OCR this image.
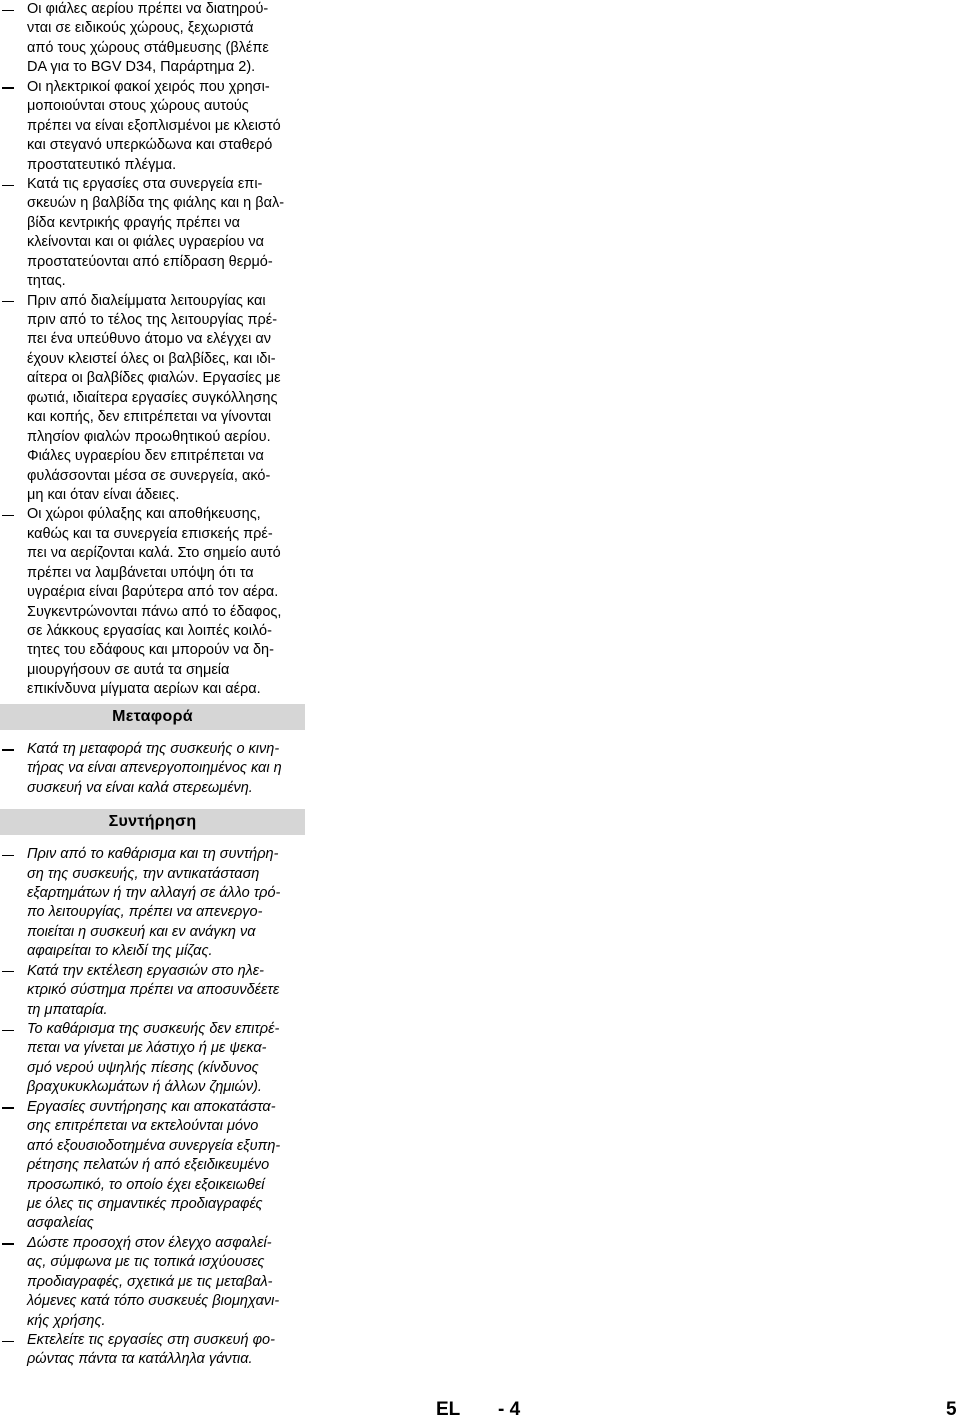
Οι φιάλες αερίου πρέπει να διατηρού-
νται σε ειδικούς χώρους, ξεχωριστά
από τους χώρους στάθμευσης (βλέπε
DA για το BGV D34, Παράρτημα 2).
Οι ηλεκτρικοί φακοί χειρός που χρησι-
μοποιούνται στους χώρους αυτούς
πρέπει να είναι εξοπλισμένοι με κλειστό
και στεγανό υπερκώδωνα και σταθερό
προστατευτικό πλέγμα.
Κατά τις εργασίες στα συνεργεία επι-
σκευών η βαλβίδα της φιάλης και η βαλ-
βίδα κεντρικής φραγής πρέπει να
κλείνονται και οι φιάλες υγραερίου να
προστατεύονται από επίδραση θερμό-
τητας.
Πριν από διαλείμματα λειτουργίας και
πριν από το τέλος της λειτουργίας πρέ-
πει ένα υπεύθυνο άτομο να ελέγχει αν
έχουν κλειστεί όλες οι βαλβίδες, και ιδι-
αίτερα οι βαλβίδες φιαλών. Εργασίες με
φωτιά, ιδιαίτερα εργασίες συγκόλλησης
και κοπής, δεν επιτρέπεται να γίνονται
πλησίον φιαλών προωθητικού αερίου.
Φιάλες υγραερίου δεν επιτρέπεται να
φυλάσσονται μέσα σε συνεργεία, ακό-
μη και όταν είναι άδειες.
Οι χώροι φύλαξης και αποθήκευσης,
καθώς και τα συνεργεία επισκεής πρέ-
πει να αερίζονται καλά. Στο σημείο αυτό
πρέπει να λαμβάνεται υπόψη ότι τα
υγραέρια είναι βαρύτερα από τον αέρα.
Συγκεντρώνονται πάνω από το έδαφος,
σε λάκκους εργασίας και λοιπές κοιλό-
τητες του εδάφους και μπορούν να δη-
μιουργήσουν σε αυτά τα σημεία
επικίνδυνα μίγματα αερίων και αέρα.
Μεταφορά
Κατά τη μεταφορά της συσκευής ο κινη-
τήρας να είναι απενεργοποιημένος και η
συσκευή να είναι καλά στερεωμένη.
Συντήρηση
Πριν από το καθάρισμα και τη συντήρη-
ση της συσκευής, την αντικατάσταση
εξαρτημάτων ή την αλλαγή σε άλλο τρό-
πο λειτουργίας, πρέπει να απενεργο-
ποιείται η συσκευή και εν ανάγκη να
αφαιρείται το κλειδί της μίζας.
Κατά την εκτέλεση εργασιών στο ηλε-
κτρικό σύστημα πρέπει να αποσυνδέετε
τη μπαταρία.
Το καθάρισμα της συσκευής δεν επιτρέ-
πεται να γίνεται με λάστιχο ή με ψεκα-
σμό νερού υψηλής πίεσης (κίνδυνος
βραχυκυκλωμάτων ή άλλων ζημιών).
Εργασίες συντήρησης και αποκατάστα-
σης επιτρέπεται να εκτελούνται μόνο
από εξουσιοδοτημένα συνεργεία εξυπη-
ρέτησης πελατών ή από εξειδικευμένο
προσωπικό, το οποίο έχει εξοικειωθεί
με όλες τις σημαντικές προδιαγραφές
ασφαλείας
Δώστε προσοχή στον έλεγχο ασφαλεί-
ας, σύμφωνα με τις τοπικά ισχύουσες
προδιαγραφές, σχετικά με τις μεταβαλ-
λόμενες κατά τόπο συσκευές βιομηχανι-
κής χρήσης.
Εκτελείτε τις εργασίες στη συσκευή φο-
ρώντας πάντα τα κατάλληλα γάντια.
EL - 4	5
